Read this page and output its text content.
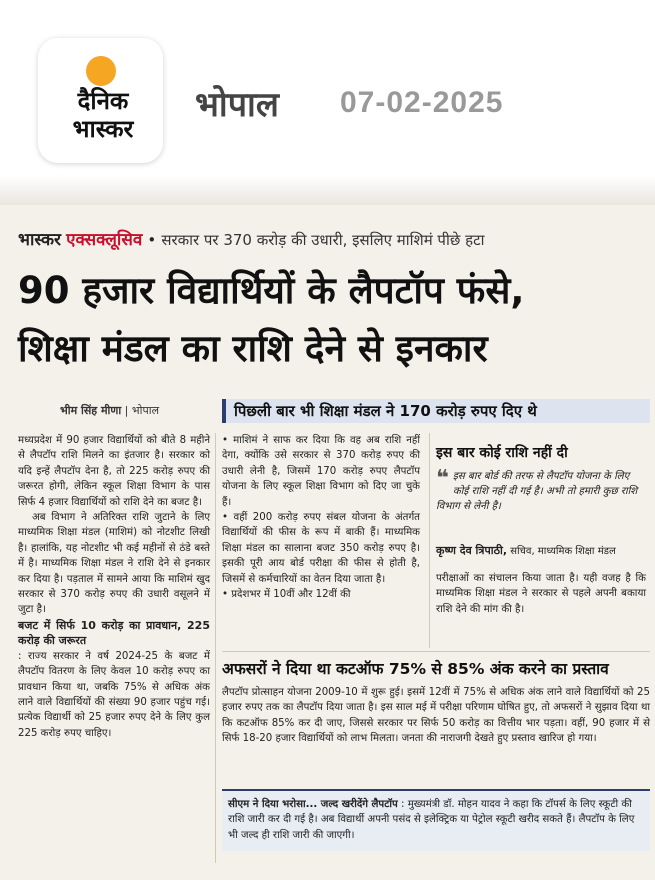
दैनिक
भास्कर
भोपाल 07-02-2025
भास्कर एक्सक्लूसिव • सरकार पर 370 करोड़ की उधारी, इसलिए माशिमं पीछे हटा
90 हजार विद्यार्थियों के लैपटॉप फंसे,
शिक्षा मंडल का राशि देने से इनकार
भीम सिंह मीणा | भोपाल	पिछली बार भी शिक्षा मंडल ने 170 करोड़ रुपए दिए थे

मध्यप्रदेश में 90 हजार विद्यार्थियों को बीते 8 महीने से लैपटॉप राशि मिलने का इंतजार है। सरकार को यदि इन्हें लैपटॉप देना है, तो 225 करोड़ रुपए की जरूरत होगी, लेकिन स्कूल शिक्षा विभाग के पास सिर्फ 4 हजार विद्यार्थियों को राशि देने का बजट है।

अब विभाग ने अतिरिक्त राशि जुटाने के लिए माध्यमिक शिक्षा मंडल (माशिमं) को नोटशीट लिखी है। हालांकि, यह नोटशीट भी कई महीनों से ठंडे बस्ते में है। माध्यमिक शिक्षा मंडल ने राशि देने से इनकार कर दिया है। पड़ताल में सामने आया कि माशिमं खुद सरकार से 370 करोड़ रुपए की उधारी वसूलने में जुटा है।

बजट में सिर्फ 10 करोड़ का प्रावधान, 225 करोड़ की जरूरत

: राज्य सरकार ने वर्ष 2024-25 के बजट में लैपटॉप वितरण के लिए केवल 10 करोड़ रुपए का प्रावधान किया था, जबकि 75% से अधिक अंक लाने वाले विद्यार्थियों की संख्या 90 हजार पहुंच गई। प्रत्येक विद्यार्थी को 25 हजार रुपए देने के लिए कुल 225 करोड़ रुपए चाहिए।

• माशिमं ने साफ कर दिया कि वह अब राशि नहीं देगा, क्योंकि उसे सरकार से 370 करोड़ रुपए की उधारी लेनी है, जिसमें 170 करोड़ रुपए लैपटॉप योजना के लिए स्कूल शिक्षा विभाग को दिए जा चुके हैं।

• वहीं 200 करोड़ रुपए संबल योजना के अंतर्गत विद्यार्थियों की फीस के रूप में बाकी हैं। माध्यमिक शिक्षा मंडल का सालाना बजट 350 करोड़ रुपए है। इसकी पूरी आय बोर्ड परीक्षा की फीस से होती है, जिसमें से कर्मचारियों का वेतन दिया जाता है।

• प्रदेशभर में 10वीं और 12वीं की

इस बार कोई राशि नहीं दी
❝ इस बार बोर्ड की तरफ से लैपटॉप योजना के लिए कोई राशि नहीं दी गई है। अभी तो हमारी कुछ राशि विभाग से लेनी है।
कृष्ण देव त्रिपाठी, सचिव, माध्यमिक शिक्षा मंडल

परीक्षाओं का संचालन किया जाता है। यही वजह है कि माध्यमिक शिक्षा मंडल ने सरकार से पहले अपनी बकाया राशि देने की मांग की है।

अफसरों ने दिया था कटऑफ 75% से 85% अंक करने का प्रस्ताव

लैपटॉप प्रोत्साहन योजना 2009-10 में शुरू हुई। इसमें 12वीं में 75% से अधिक अंक लाने वाले विद्यार्थियों को 25 हजार रुपए तक का लैपटॉप दिया जाता है। इस साल मई में परीक्षा परिणाम घोषित हुए, तो अफसरों ने सुझाव दिया था कि कटऑफ 85% कर दी जाए, जिससे सरकार पर सिर्फ 50 करोड़ का वित्तीय भार पड़ता। वहीं, 90 हजार में से सिर्फ 18-20 हजार विद्यार्थियों को लाभ मिलता। जनता की नाराजगी देखते हुए प्रस्ताव खारिज हो गया।

सीएम ने दिया भरोसा... जल्द खरीदेंगे लैपटॉप : मुख्यमंत्री डॉ. मोहन यादव ने कहा कि टॉपर्स के लिए स्कूटी की राशि जारी कर दी गई है। अब विद्यार्थी अपनी पसंद से इलेक्ट्रिक या पेट्रोल स्कूटी खरीद सकते हैं। लैपटॉप के लिए भी जल्द ही राशि जारी की जाएगी।
